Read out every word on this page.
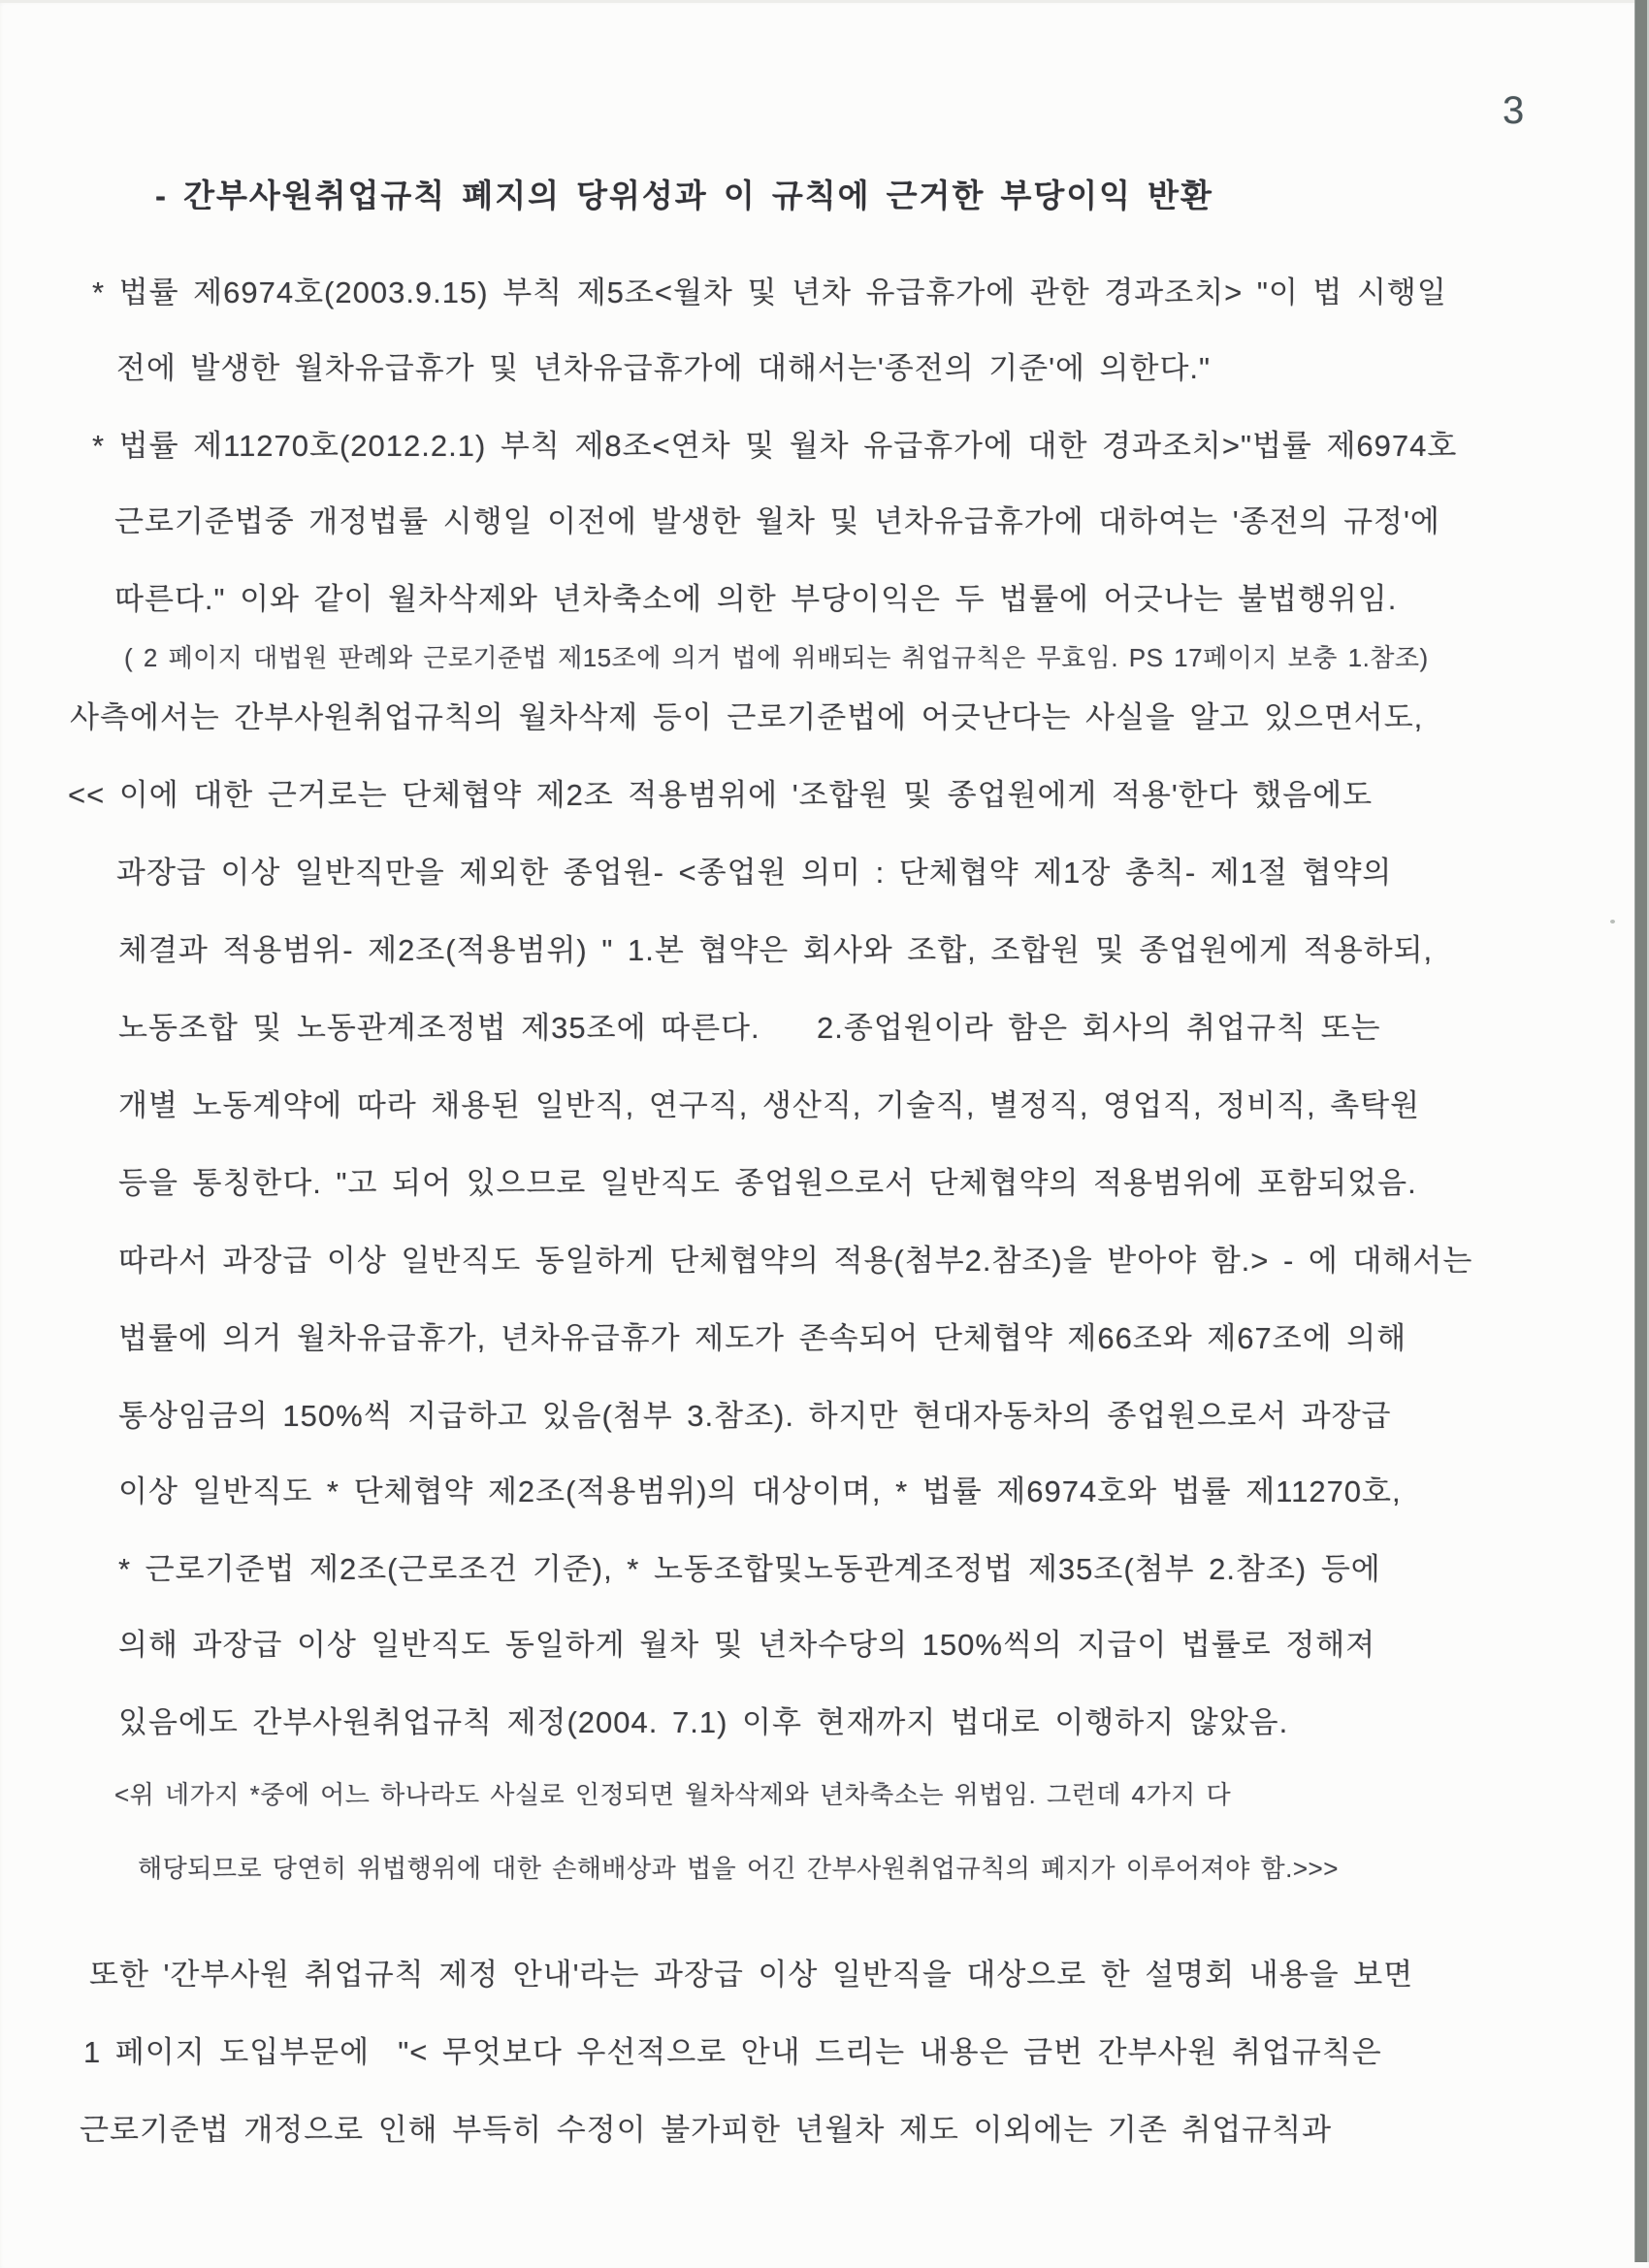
3
- 간부사원취업규칙 폐지의 당위성과 이 규칙에 근거한 부당이익 반환
* 법률 제6974호(2003.9.15) 부칙 제5조<월차 및 년차 유급휴가에 관한 경과조치> "이 법 시행일
전에 발생한 월차유급휴가 및 년차유급휴가에 대해서는'종전의 기준'에 의한다."
* 법률 제11270호(2012.2.1) 부칙 제8조<연차 및 월차 유급휴가에 대한 경과조치>"법률 제6974호
근로기준법중 개정법률 시행일 이전에 발생한 월차 및 년차유급휴가에 대하여는 '종전의 규정'에
따른다." 이와 같이 월차삭제와 년차축소에 의한 부당이익은 두 법률에 어긋나는 불법행위임.
( 2 페이지 대법원 판례와 근로기준법 제15조에 의거 법에 위배되는 취업규칙은 무효임. PS 17페이지 보충 1.참조)
사측에서는 간부사원취업규칙의 월차삭제 등이 근로기준법에 어긋난다는 사실을 알고 있으면서도,
<< 이에 대한 근거로는 단체협약 제2조 적용범위에 '조합원 및 종업원에게 적용'한다 했음에도
과장급 이상 일반직만을 제외한 종업원- <종업원 의미 : 단체협약 제1장 총칙- 제1절 협약의
체결과 적용범위- 제2조(적용범위) " 1.본 협약은 회사와 조합, 조합원 및 종업원에게 적용하되,
노동조합 및 노동관계조정법 제35조에 따른다.    2.종업원이라 함은 회사의 취업규칙 또는
개별 노동계약에 따라 채용된 일반직, 연구직, 생산직, 기술직, 별정직, 영업직, 정비직, 촉탁원
등을 통칭한다. "고 되어 있으므로 일반직도 종업원으로서 단체협약의 적용범위에 포함되었음.
따라서 과장급 이상 일반직도 동일하게 단체협약의 적용(첨부2.참조)을 받아야 함.> - 에 대해서는
법률에 의거 월차유급휴가, 년차유급휴가 제도가 존속되어 단체협약 제66조와 제67조에 의해
통상임금의 150%씩 지급하고 있음(첨부 3.참조). 하지만 현대자동차의 종업원으로서 과장급
이상 일반직도 * 단체협약 제2조(적용범위)의 대상이며, * 법률 제6974호와 법률 제11270호,
* 근로기준법 제2조(근로조건 기준), * 노동조합및노동관계조정법 제35조(첨부 2.참조) 등에
의해 과장급 이상 일반직도 동일하게 월차 및 년차수당의 150%씩의 지급이 법률로 정해져
있음에도 간부사원취업규칙 제정(2004. 7.1) 이후 현재까지 법대로 이행하지 않았음.
<위 네가지 *중에 어느 하나라도 사실로 인정되면 월차삭제와 년차축소는 위법임. 그런데 4가지 다
해당되므로 당연히 위법행위에 대한 손해배상과 법을 어긴 간부사원취업규칙의 폐지가 이루어져야 함.>>>
또한 '간부사원 취업규칙 제정 안내'라는 과장급 이상 일반직을 대상으로 한 설명회 내용을 보면
1 페이지 도입부문에  "< 무엇보다 우선적으로 안내 드리는 내용은 금번 간부사원 취업규칙은
근로기준법 개정으로 인해 부득히 수정이 불가피한 년월차 제도 이외에는 기존 취업규칙과
